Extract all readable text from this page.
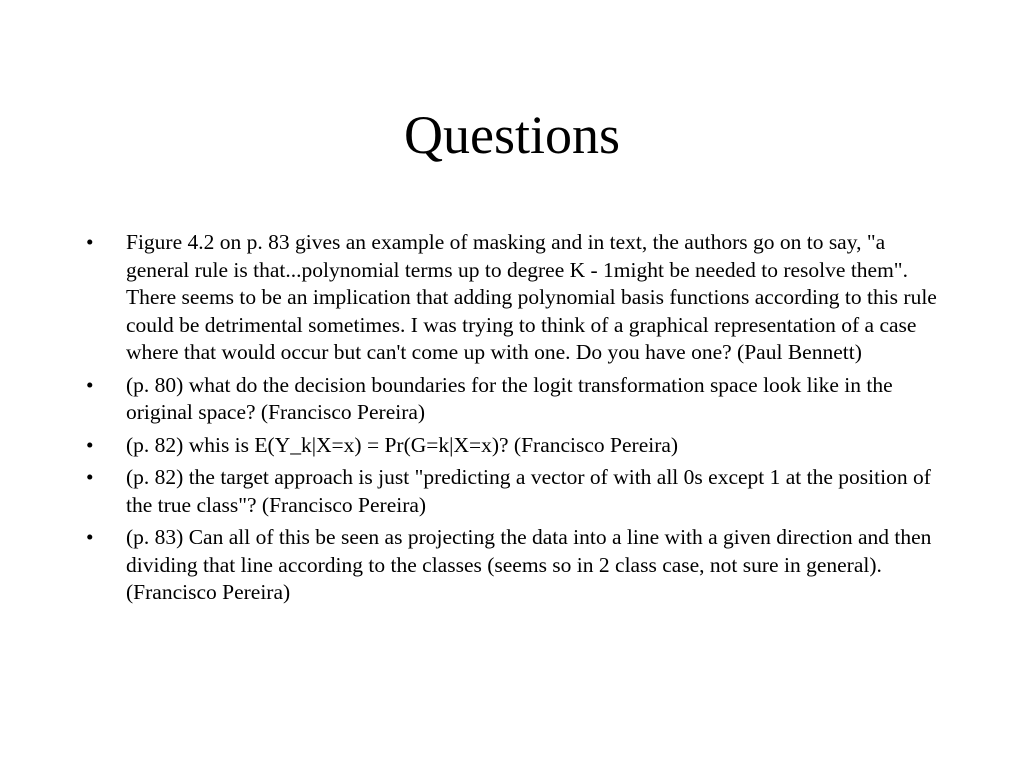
Questions
•	Figure 4.2 on p. 83 gives an example of masking and in text, the authors go on to say, "a general rule is that...polynomial terms up to degree K - 1might be needed to resolve them". There seems to be an implication that adding polynomial basis functions according to this rule could be detrimental sometimes. I was trying to think of a graphical representation of a case where that would occur but can't come up with one. Do you have one? (Paul Bennett)
•	(p. 80) what do the decision boundaries for the logit transformation space look like in the original space? (Francisco Pereira)
•	(p. 82) whis is E(Y_k|X=x) = Pr(G=k|X=x)? (Francisco Pereira)
•	(p. 82) the target approach is just "predicting a vector of with all 0s except 1 at the position of the true class"? (Francisco Pereira)
•	(p. 83) Can all of this be seen as projecting the data into a line with a given direction and then dividing that line according to the classes (seems so in 2 class case, not sure in general). (Francisco Pereira)
